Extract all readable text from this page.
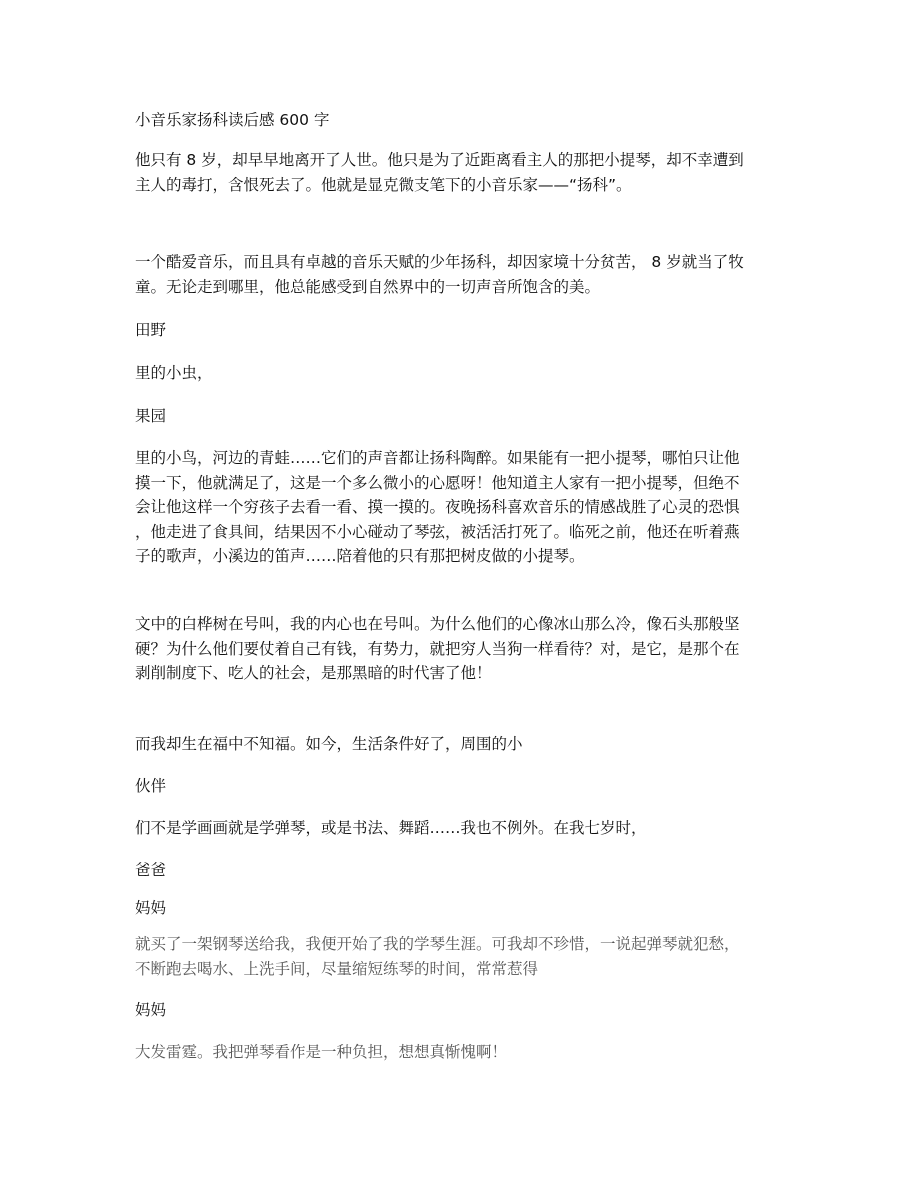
小音乐家扬科读后感 600 字
他只有 8 岁，却早早地离开了人世。他只是为了近距离看主人的那把小提琴，却不幸遭到
主人的毒打，含恨死去了。他就是显克微支笔下的小音乐家——“扬科”。
一个酷爱音乐，而且具有卓越的音乐天赋的少年扬科，却因家境十分贫苦， 8 岁就当了牧
童。无论走到哪里，他总能感受到自然界中的一切声音所饱含的美。
田野
里的小虫，
果园
里的小鸟，河边的青蛙……它们的声音都让扬科陶醉。如果能有一把小提琴，哪怕只让他
摸一下，他就满足了，这是一个多么微小的心愿呀！他知道主人家有一把小提琴，但绝不
会让他这样一个穷孩子去看一看、摸一摸的。夜晚扬科喜欢音乐的情感战胜了心灵的恐惧
，他走进了食具间，结果因不小心碰动了琴弦，被活活打死了。临死之前，他还在听着燕
子的歌声，小溪边的笛声……陪着他的只有那把树皮做的小提琴。
文中的白桦树在号叫，我的内心也在号叫。为什么他们的心像冰山那么冷，像石头那般坚
硬？为什么他们要仗着自己有钱，有势力，就把穷人当狗一样看待？对，是它，是那个在
剥削制度下、吃人的社会，是那黑暗的时代害了他！
而我却生在福中不知福。如今，生活条件好了，周围的小
伙伴
们不是学画画就是学弹琴，或是书法、舞蹈……我也不例外。在我七岁时，
爸爸
妈妈
就买了一架钢琴送给我，我便开始了我的学琴生涯。可我却不珍惜，一说起弹琴就犯愁，
不断跑去喝水、上洗手间，尽量缩短练琴的时间，常常惹得
妈妈
大发雷霆。我把弹琴看作是一种负担，想想真惭愧啊！
